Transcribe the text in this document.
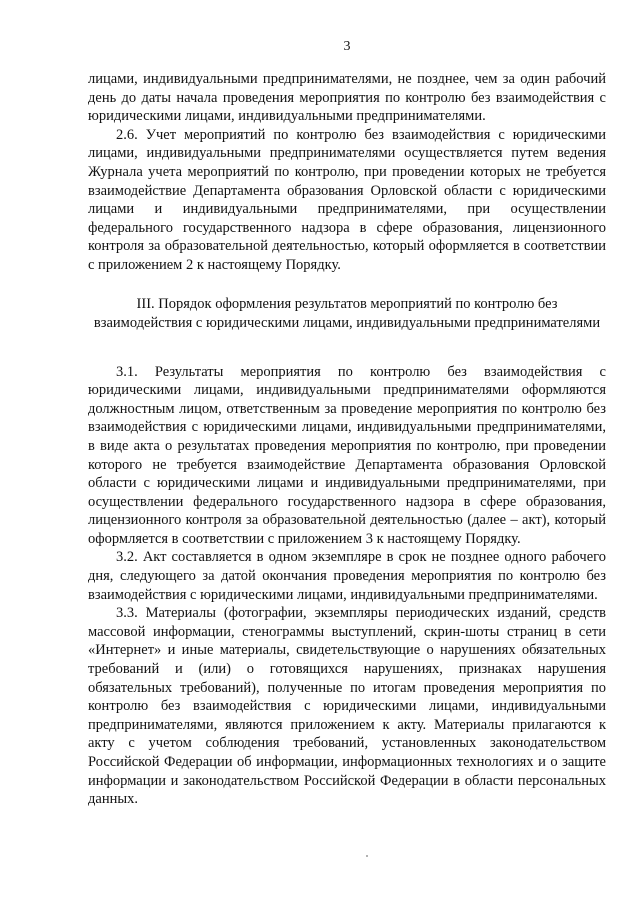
3

лицами, индивидуальными предпринимателями, не позднее, чем за один рабочий день до даты начала проведения мероприятия по контролю без взаимодействия с юридическими лицами, индивидуальными предпринимателями.

2.6. Учет мероприятий по контролю без взаимодействия с юридическими лицами, индивидуальными предпринимателями осуществляется путем ведения Журнала учета мероприятий по контролю, при проведении которых не требуется взаимодействие Департамента образования Орловской области с юридическими лицами и индивидуальными предпринимателями, при осуществлении федерального государственного надзора в сфере образования, лицензионного контроля за образовательной деятельностью, который оформляется в соответствии с приложением 2 к настоящему Порядку.

III. Порядок оформления результатов мероприятий по контролю без взаимодействия с юридическими лицами, индивидуальными предпринимателями

3.1. Результаты мероприятия по контролю без взаимодействия с юридическими лицами, индивидуальными предпринимателями оформляются должностным лицом, ответственным за проведение мероприятия по контролю без взаимодействия с юридическими лицами, индивидуальными предпринимателями, в виде акта о результатах проведения мероприятия по контролю, при проведении которого не требуется взаимодействие Департамента образования Орловской области с юридическими лицами и индивидуальными предпринимателями, при осуществлении федерального государственного надзора в сфере образования, лицензионного контроля за образовательной деятельностью (далее – акт), который оформляется в соответствии с приложением 3 к настоящему Порядку.

3.2. Акт составляется в одном экземпляре в срок не позднее одного рабочего дня, следующего за датой окончания проведения мероприятия по контролю без взаимодействия с юридическими лицами, индивидуальными предпринимателями.

3.3. Материалы (фотографии, экземпляры периодических изданий, средств массовой информации, стенограммы выступлений, скрин-шоты страниц в сети «Интернет» и иные материалы, свидетельствующие о нарушениях обязательных требований и (или) о готовящихся нарушениях, признаках нарушения обязательных требований), полученные по итогам проведения мероприятия по контролю без взаимодействия с юридическими лицами, индивидуальными предпринимателями, являются приложением к акту. Материалы прилагаются к акту с учетом соблюдения требований, установленных законодательством Российской Федерации об информации, информационных технологиях и о защите информации и законодательством Российской Федерации в области персональных данных.
